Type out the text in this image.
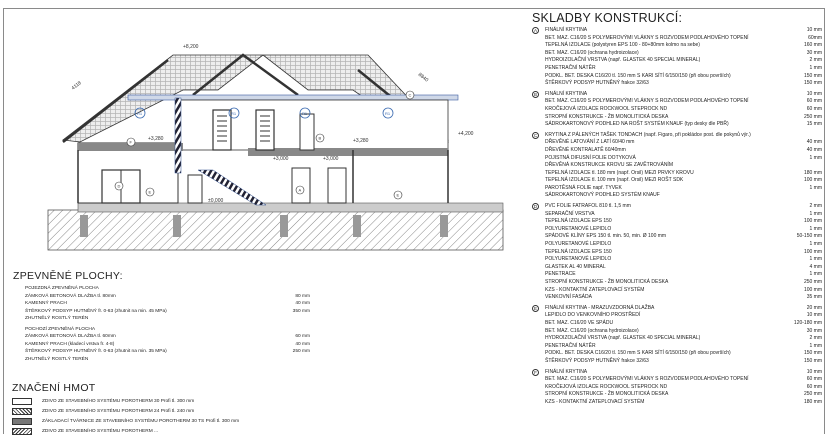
+8,200
+4,200
+3,280	+3,280
+3,000
+3,000
±0,000
4118
8840
R1	R1	R1	R1
F
E
B
E
A
C
D
SKLADBY KONSTRUKCÍ:
A	FINÁLNÍ KRYTINA	10 mm
BET. MAZ. C16/20 S POLYMEROVÝMI VLÁKNY S ROZVODEM PODLAHOVÉHO TOPENÍ	60mm
TEPELNÁ IZOLACE (polystyren EPS 100 - 80+80mm kolmo na sebe)	160 mm
BET. MAZ. C16/20 (ochrana hydroizolace)	30 mm
HYDROIZOLAČNÍ VRSTVA (např. GLASTEK 40 SPECIAL MINERAL)	2 mm
PENETRAČNÍ NÁTĚR	1 mm
PODKL. BET. DESKA C16/20 tl. 150 mm S KARI SÍTÍ 6/150/150 (při obou površích)	150 mm
ŠTĚRKOVÝ PODSYP HUTNĚNÝ frakce 32/63	150 mm
B	FINÁLNÍ KRYTINA	10 mm
BET. MAZ. C16/20 S POLYMEROVÝMI VLÁKNY S ROZVODEM PODLAHOVÉHO TOPENÍ	60 mm
KROČEJOVÁ IZOLACE ROCKWOOL STEPROCK ND	60 mm
STROPNÍ KONSTRUKCE - ŽB MONOLITICKÁ DESKA	250 mm
SÁDROKARTONOVÝ PODHLED NA ROŠT SYSTÉM KNAUF (typ desky dle PBŘ)	15 mm
C	KRYTINA Z PÁLENÝCH TAŠEK TONDACH (např. Figaro, při pokládce post. dle pokynů výr.)
DŘEVĚNÉ LATOVÁNÍ Z LATÍ 60/40 mm	40 mm
DŘEVĚNÉ KONTRALATĚ 60/40mm	40 mm
POJISTNÁ DIFUSNÍ FOLIE DOTYKOVÁ	1 mm
DŘEVĚNÁ KONSTRUKCE KROVU SE ZAVĚTROVÁNÍM
TEPELNÁ IZOLACE tl. 180 mm (např. Orsil) MEZI PRVKY KROVU	180 mm
TEPELNÁ IZOLACE tl. 100 mm (např. Orsil) MEZI ROŠT SDK	100 mm
PAROTĚSNÁ FOLIE např. TYVEK	1 mm
SÁDROKARTONOVÝ PODHLED SYSTÉM KNAUF
D	PVC FOLIE FATRAFOL 810 tl. 1,5 mm	2 mm
SEPARAČNÍ VRSTVA	1 mm
TEPELNÁ IZOLACE EPS 150	100 mm
POLYURETANOVÉ LEPIDLO	1 mm
SPÁDOVÉ KLÍNY EPS 150 tl. min. 50, min. Ø 100 mm	50-150 mm
POLYURETANOVÉ LEPIDLO	1 mm
TEPELNÁ IZOLACE EPS 150	100 mm
POLYURETANOVÉ LEPIDLO	1 mm
GLASTEK AL 40 MINERAL	4 mm
PENETRACE	1 mm
STROPNÍ KONSTRUKCE - ŽB MONOLITICKÁ DESKA	250 mm
KZS - KONTAKTNÍ ZATEPLOVACÍ SYSTÉM	100 mm
VENKOVNÍ FASÁDA	35 mm
E	FINÁLNÍ KRYTINA - MRAZUVZDORNÁ DLAŽBA	20 mm
LEPIDLO DO VENKOVNÍHO PROSTŘEDÍ	10 mm
BET. MAZ. C16/20 VE SPÁDU	120-180 mm
BET. MAZ. C16/20 (ochrana hydroizolace)	30 mm
HYDROIZOLAČNÍ VRSTVA (např. GLASTEK 40 SPECIAL MINERAL)	2 mm
PENETRAČNÍ NÁTĚR	1 mm
PODKL. BET. DESKA C16/20 tl. 150 mm S KARI SÍTÍ 6/150/150 (při obou površích)	150 mm
ŠTĚRKOVÝ PODSYP HUTNĚNÝ frakce 32/63	150 mm
F	FINÁLNÍ KRYTINA	10 mm
BET. MAZ. C16/20 S POLYMEROVÝMI VLÁKNY S ROZVODEM PODLAHOVÉHO TOPENÍ	60 mm
KROČEJOVÁ IZOLACE ROCKWOOL STEPROCK ND	60 mm
STROPNÍ KONSTRUKCE - ŽB MONOLITICKÁ DESKA	250 mm
KZS - KONTAKTNÍ ZATEPLOVACÍ SYSTÉM	180 mm
ZPEVNĚNÉ PLOCHY:
POJEZDNÁ ZPEVNĚNÁ PLOCHA
ZÁMKOVÁ BETONOVÁ DLAŽBA tl. 80mm	80 mm
KAMENNÝ PRACH	40 mm
ŠTĚRKOVÝ PODSYP HUTNĚNÝ fr. 0-63 (zhutnit na min. 45 MPa)	350 mm
ZHUTNĚLÝ ROSTLÝ TERÉN
POCHOZÍ ZPEVNĚNÁ PLOCHA
ZÁMKOVÁ BETONOVÁ DLAŽBA tl. 60mm	60 mm
KAMENNÝ PRACH (kladecí vrstva fr. 4-8)	40 mm
ŠTĚRKOVÝ PODSYP HUTNĚNÝ fr. 0-63 (zhutnit na min. 35 MPa)	250 mm
ZHUTNĚLÝ ROSTLÝ TERÉN
ZNAČENÍ HMOT
ZDIVO ZE STAVEBNÍHO SYSTÉMU POROTHERM 30 Profi tl. 300 mm
ZDIVO ZE STAVEBNÍHO SYSTÉMU POROTHERM 24 Profi tl. 240 mm
ZÁKLADACÍ TVÁRNICE ZE STAVEBNÍHO SYSTÉMU POROTHERM 30 TS Profi tl. 300 mm
ZDIVO ZE STAVEBNÍHO SYSTÉMU POROTHERM ...
